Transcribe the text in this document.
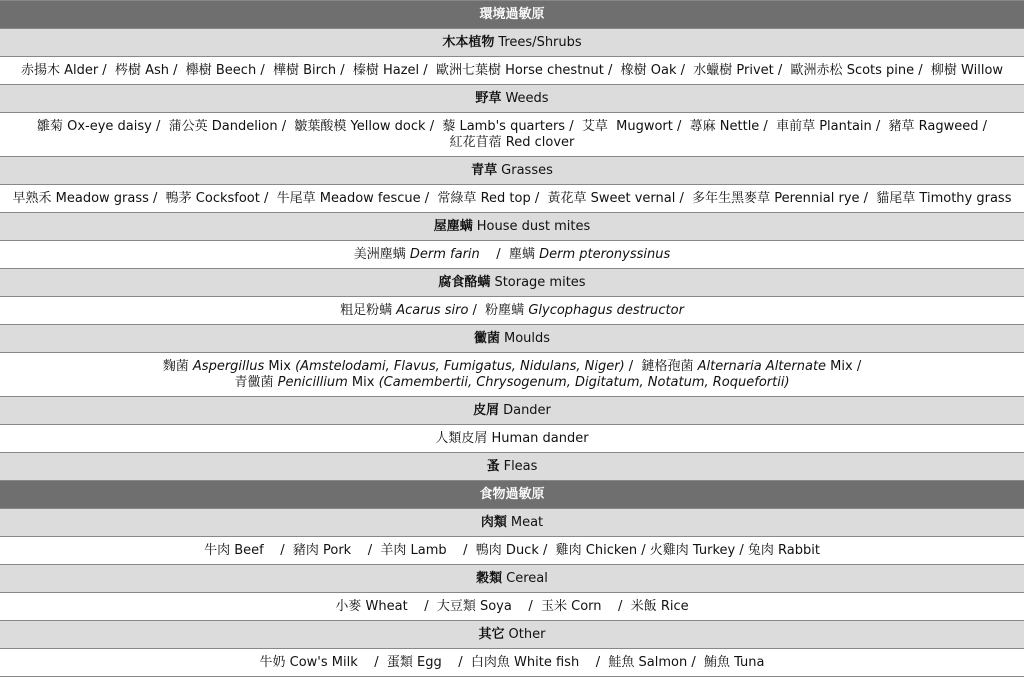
環境過敏原
木本植物 Trees/Shrubs
赤揚木 Alder /  梣樹 Ash /  櫸樹 Beech /  樺樹 Birch /  榛樹 Hazel /  歐洲七葉樹 Horse chestnut /  橡樹 Oak /  水蠟樹 Privet /  歐洲赤松 Scots pine /  柳樹 Willow
野草 Weeds
雛菊 Ox-eye daisy /  蒲公英 Dandelion /  皺葉酸模 Yellow dock /  藜 Lamb's quarters /  艾草  Mugwort /  蕁麻 Nettle /  車前草 Plantain /  豬草 Ragweed /
紅花苜蓿 Red clover
青草 Grasses
早熟禾 Meadow grass /  鴨茅 Cocksfoot /  牛尾草 Meadow fescue /  常綠草 Red top /  黃花草 Sweet vernal /  多年生黑麥草 Perennial rye /  貓尾草 Timothy grass
屋塵螨 House dust mites
美洲塵螨 Derm farin    /  塵螨 Derm pteronyssinus
腐食酪螨 Storage mites
粗足粉螨 Acarus siro /  粉塵螨 Glycophagus destructor
黴菌 Moulds
麴菌 Aspergillus Mix (Amstelodami, Flavus, Fumigatus, Nidulans, Niger) /  鏈格孢菌 Alternaria Alternate Mix /
青黴菌 Penicillium Mix (Camembertii, Chrysogenum, Digitatum, Notatum, Roquefortii)
皮屑 Dander
人類皮屑 Human dander
蚤 Fleas
食物過敏原
肉類 Meat
牛肉 Beef    /  豬肉 Pork    /  羊肉 Lamb    /  鴨肉 Duck /  雞肉 Chicken / 火雞肉 Turkey / 兔肉 Rabbit
穀類 Cereal
小麥 Wheat    /  大豆類 Soya    /  玉米 Corn    /  米飯 Rice
其它 Other
牛奶 Cow's Milk    /  蛋類 Egg    /  白肉魚 White fish    /  鮭魚 Salmon /  鮪魚 Tuna
